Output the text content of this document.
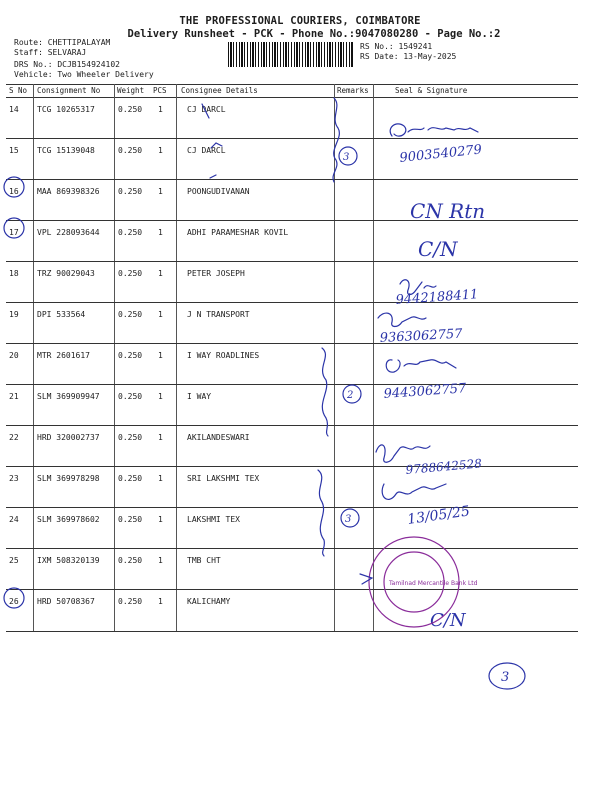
THE PROFESSIONAL COURIERS, COIMBATORE
Delivery Runsheet - PCK - Phone No.:9047080280 - Page No.:2
Route: CHETTIPALAYAM
Staff: SELVARAJ
DRS No.: DCJB154924102
Vehicle: Two Wheeler Delivery
RS No.: 1549241
RS Date: 13-May-2025
S No Consignment No Weight PCS Consignee Details	Remarks	Seal & Signature
14 TCG 10265317	0.250 1	CJ DARCL
15 TCG 15139048	0.250 1	CJ DARCL
16 MAA 869398326 0.250 1	POONGUDIVANAN
17 VPL 228093644 0.250 1	ADHI PARAMESHAR KOVIL
18 TRZ 90029043	0.250 1	PETER JOSEPH
19 DPI 533564	0.250 1	J N TRANSPORT
20 MTR 2601617	0.250 1	I WAY ROADLINES
21 SLM 369909947 0.250 1	I WAY
22 HRD 320002737 0.250 1	AKILANDESWARI
23 SLM 369978298 0.250 1	SRI LAKSHMI TEX
24 SLM 369978602 0.250 1	LAKSHMI TEX
25 IXM 508320139 0.250 1	TMB CHT
26 HRD 50708367	0.250 1	KALICHAMY
3
2
3
9003540279
CN Rtn
C/N
9442188411
9363062757
9443062757
9788642528
13/05/25
C/N
3
Tamilnad Mercantile Bank Ltd
